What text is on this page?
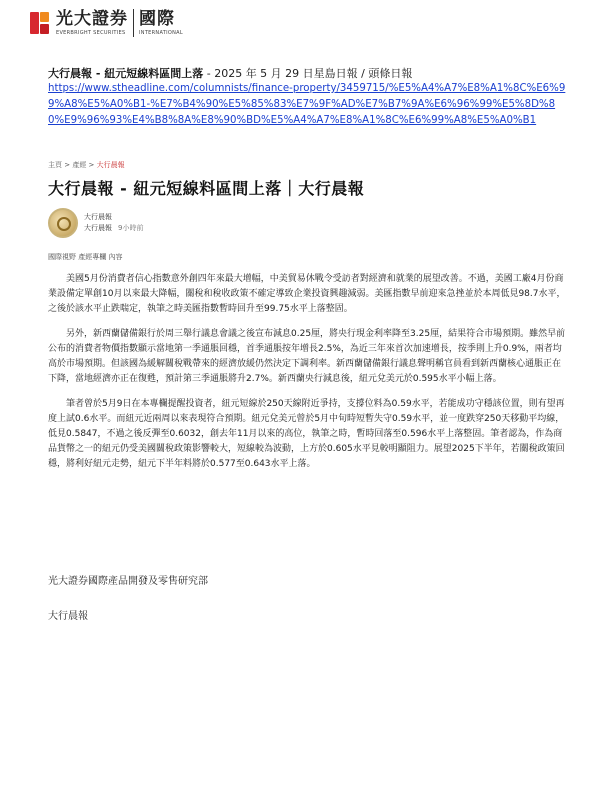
光大證券
EVERBRIGHT SECURITIES
國際
INTERNATIONAL
大行晨報 - 紐元短線料區間上落 - 2025 年 5 月 29 日星島日報 / 頭條日報
https://www.stheadline.com/columnists/finance-property/3459715/%E5%A4%A7%E8%A1%8C%E6%99%A8%E5%A0%B1-%E7%B4%90%E5%85%83%E7%9F%AD%E7%B7%9A%E6%96%99%E5%8D%80%E9%96%93%E4%B8%8A%E8%90%BD%E5%A4%A7%E8%A1%8C%E6%99%A8%E5%A0%B1
主頁 > 產經 > 大行晨報
大行晨報 - 紐元短線料區間上落｜大行晨報
大行晨報
大行晨報 9小時前
國際視野 產經專欄 內容
美國5月份消費者信心指數意外創四年來最大增幅，中美貿易休戰令受訪者對經濟和就業的展望改善。不過，美國工廠4月份商業設備定單創10月以來最大降幅，關稅和稅收政策不確定導致企業投資興趣減弱。美匯指數早前迎來急挫並於本周低見98.7水平，之後於該水平止跌喘定，執筆之時美匯指數暫時回升至99.75水平上落整固。
另外，新西蘭儲備銀行於周三舉行議息會議之後宣布減息0.25厘，將央行現金利率降至3.25厘，結果符合市場預期。雖然早前公布的消費者物價指數顯示當地第一季通脹回穩，首季通脹按年增長2.5%，為近三年來首次加速增長，按季則上升0.9%，兩者均高於市場預期。但該國為緩解關稅戰帶來的經濟放緩仍然決定下調利率。新西蘭儲備銀行議息聲明稱官員看到新西蘭核心通脹正在下降，當地經濟亦正在復甦，預計第三季通脹將升2.7%。新西蘭央行減息後，紐元兌美元於0.595水平小幅上落。
筆者曾於5月9日在本專欄提醒投資者，紐元短線於250天線附近爭持，支撐位料為0.59水平，若能成功守穩該位置，則有望再度上試0.6水平。而紐元近兩周以來表現符合預期。紐元兌美元曾於5月中旬時短暫失守0.59水平，並一度跌穿250天移動平均線，低見0.5847，不過之後反彈至0.6032，創去年11月以來的高位，執筆之時，暫時回落至0.596水平上落整固。筆者認為，作為商品貨幣之一的紐元仍受美國關稅政策影響較大，短線較為波動，上方於0.605水平見較明顯阻力。展望2025下半年，若關稅政策回穩，將利好紐元走勢，紐元下半年料將於0.577至0.643水平上落。
光大證券國際產品開發及零售研究部
大行晨報
